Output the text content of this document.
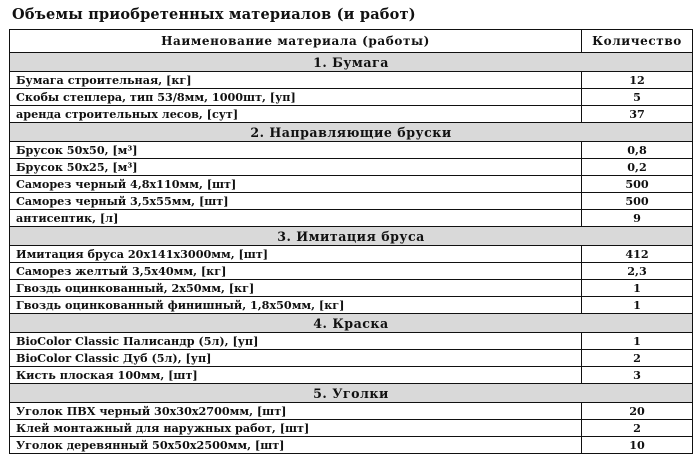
Объемы приобретенных материалов (и работ)
Наименование материала (работы)	Количество
1. Бумага	
Бумага строительная, [кг]	12
Скобы степлера, тип 53/8мм, 1000шт, [уп]	5
аренда строительных лесов, [сут]	37
2. Направляющие бруски	
Брусок 50х50, [м³]	0,8
Брусок 50х25, [м³]	0,2
Саморез черный 4,8х110мм, [шт]	500
Саморез черный 3,5х55мм, [шт]	500
антисептик, [л]	9
3. Имитация бруса	
Имитация бруса 20х141х3000мм, [шт]	412
Саморез желтый 3,5х40мм, [кг]	2,3
Гвоздь оцинкованный, 2х50мм, [кг]	1
Гвоздь оцинкованный финишный, 1,8х50мм, [кг]	1
4. Краска	
BioColor Classic Палисандр (5л), [уп]	1
BioColor Classic Дуб (5л), [уп]	2
Кисть плоская 100мм, [шт]	3
5. Уголки	
Уголок ПВХ черный 30х30х2700мм, [шт]	20
Клей монтажный для наружных работ, [шт]	2
Уголок деревянный 50х50х2500мм, [шт]	10
